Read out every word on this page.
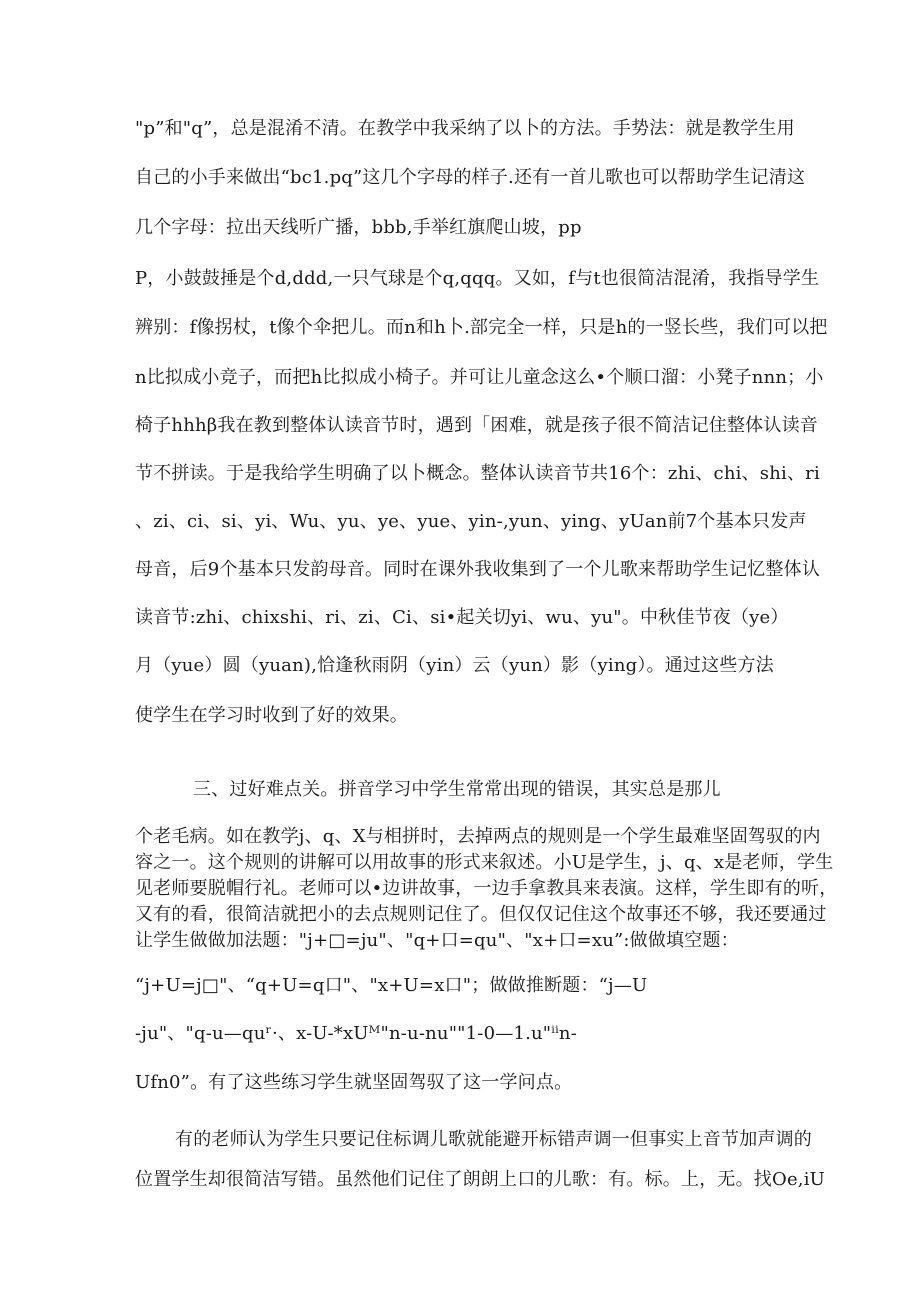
"p”和"q”，总是混淆不清。在教学中我采纳了以卜的方法。手势法：就是教学生用
自己的小手来做出“bc1.pq”这几个字母的样子.还有一首儿歌也可以帮助学生记清这
几个字母：拉出天线听广播，bbb,手举红旗爬山坡，pp
P，小鼓鼓捶是个d,ddd,一只气球是个q,qqq。又如，f与t也很简洁混淆，我指导学生
辨别：f像拐杖，t像个伞把儿。而n和h卜.部完全一样，只是h的一竖长些，我们可以把
n比拟成小竞子，而把h比拟成小椅子。并可让儿童念这么•个顺口溜：小凳子nnn；小
椅子hhhβ我在教到整体认读音节时，遇到「困难，就是孩子很不简洁记住整体认读音
节不拼读。于是我给学生明确了以卜概念。整体认读音节共16个：zhi、chi、shi、ri
、zi、ci、si、yi、Wu、yu、ye、yue、yin-,yun、ying、yUan前7个基本只发声
母音，后9个基本只发韵母音。同时在课外我收集到了一个儿歌来帮助学生记忆整体认
读音节:zhi、chixshi、ri、zi、Ci、si•起关切yi、wu、yu"。中秋佳节夜（ye）
月（yue）圆（yuan),恰逢秋雨阴（yin）云（yun）影（ying）。通过这些方法
使学生在学习时收到了好的效果。
三、过好难点关。拼音学习中学生常常出现的错误，其实总是那儿
个老毛病。如在教学j、q、X与相拼时，去掉两点的规则是一个学生最难坚固驾驭的内
容之一。这个规则的讲解可以用故事的形式来叙述。小U是学生，j、q、x是老师，学生
见老师要脱帽行礼。老师可以•边讲故事，一边手拿教具来表演。这样，学生即有的听，
又有的看，很简洁就把小的去点规则记住了。但仅仅记住这个故事还不够，我还要通过
让学生做做加法题："j+□=ju"、"q+口=qu"、"x+口=xu”:做做填空题：
“j+U=j□"、“q+U=q口"、"x+U=x口"；做做推断题：“j—U
-ju"、"q-u—quʳ·、x-U-*xUᴹ"n-u-nu""1-0—1.u"ⁱⁱn-
Ufn0”。有了这些练习学生就坚固驾驭了这一学问点。
有的老师认为学生只要记住标调儿歌就能避开标错声调一但事实上音节加声调的
位置学生却很简洁写错。虽然他们记住了朗朗上口的儿歌：有。标。上，无。找Oe,iU
